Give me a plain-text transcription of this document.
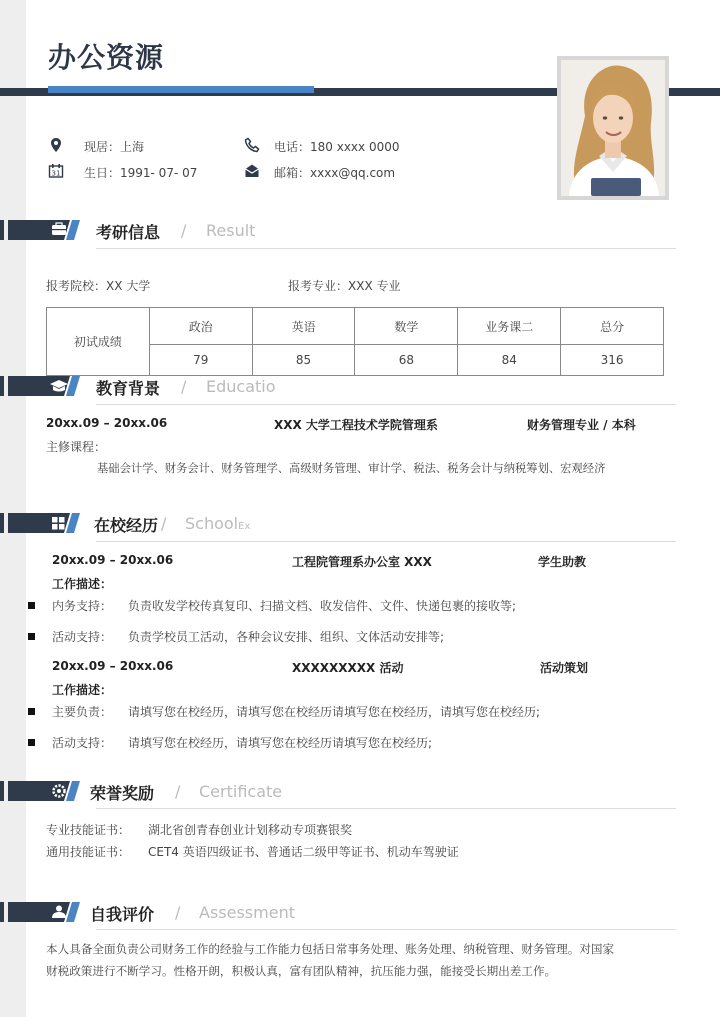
办公资源
现居：上海	电话：180 xxxx 0000
31 生日：1991- 07- 07	邮箱：xxxx@qq.com
考研信息 / Result
报考院校：XX 大学	报考专业：XXX 专业
初试成绩	政治	英语	数学	业务课二	总分
	79	85	68	84	316
教育背景 / Educatio
20xx.09 – 20xx.06	XXX 大学工程技术学院管理系	财务管理专业 / 本科
主修课程：
基础会计学、财务会计、财务管理学、高级财务管理、审计学、税法、税务会计与纳税筹划、宏观经济
在校经历 / SchoolEx
20xx.09 – 20xx.06	工程院管理系办公室 XXX	学生助教
工作描述：
内务支持： 负责收发学校传真复印、扫描文档、收发信件、文件、快递包裹的接收等;
活动支持： 负责学校员工活动，各种会议安排、组织、文体活动安排等;
20xx.09 – 20xx.06	XXXXXXXXX 活动	活动策划
工作描述：
主要负责： 请填写您在校经历，请填写您在校经历请填写您在校经历，请填写您在校经历;
活动支持： 请填写您在校经历，请填写您在校经历请填写您在校经历;
荣誉奖励 / Certificate
专业技能证书： 湖北省创青春创业计划移动专项赛银奖
通用技能证书： CET4 英语四级证书、普通话二级甲等证书、机动车驾驶证
自我评价 / Assessment
本人具备全面负责公司财务工作的经验与工作能力包括日常事务处理、账务处理、纳税管理、财务管理。对国家
财税政策进行不断学习。性格开朗，积极认真，富有团队精神，抗压能力强，能接受长期出差工作。
